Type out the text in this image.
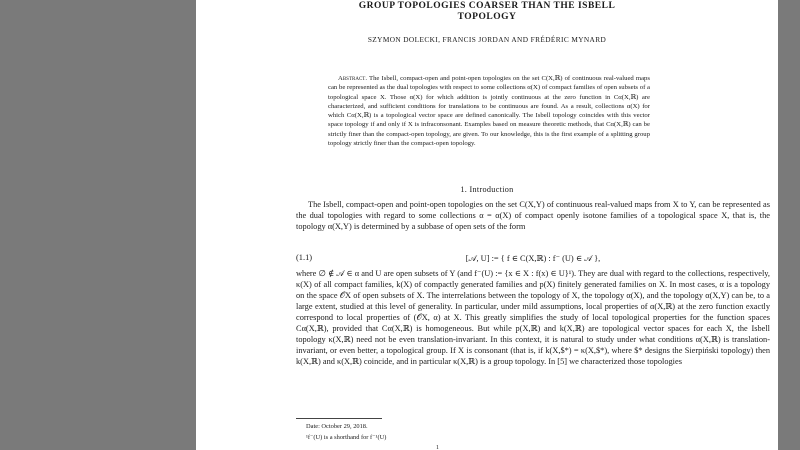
GROUP TOPOLOGIES COARSER THAN THE ISBELL
TOPOLOGY
SZYMON DOLECKI, FRANCIS JORDAN AND FRÉDÉRIC MYNARD
Abstract. The Isbell, compact-open and point-open topologies on the set C(X,ℝ) of continuous real-valued maps can be represented as the dual topologies with respect to some collections α(X) of compact families of open subsets of a topological space X. Those α(X) for which addition is jointly continuous at the zero function in Cα(X,ℝ) are characterized, and sufficient conditions for translations to be continuous are found. As a result, collections α(X) for which Cα(X,ℝ) is a topological vector space are defined canonically. The Isbell topology coincides with this vector space topology if and only if X is infraconsonant. Examples based on measure theoretic methods, that Cα(X,ℝ) can be strictly finer than the compact-open topology, are given. To our knowledge, this is the first example of a splitting group topology strictly finer than the compact-open topology.
1. Introduction
The Isbell, compact-open and point-open topologies on the set C(X,Y) of continuous real-valued maps from X to Y, can be represented as the dual topologies with regard to some collections α = α(X) of compact openly isotone families of a topological space X, that is, the topology α(X,Y) is determined by a subbase of open sets of the form
(1.1)	[𝒜, U] := { f ∈ C(X,ℝ) : f⁻ (U) ∈ 𝒜 },
where ∅ ∉ 𝒜 ∈ α and U are open subsets of Y (and f⁻(U) := {x ∈ X : f(x) ∈ U}¹). They are dual with regard to the collections, respectively, κ(X) of all compact families, k(X) of compactly generated families and p(X) finitely generated families on X. In most cases, α is a topology on the space 𝒪X of open subsets of X. The interrelations between the topology of X, the topology α(X), and the topology α(X,Y) can be, to a large extent, studied at this level of generality. In particular, under mild assumptions, local properties of α(X,ℝ) at the zero function exactly correspond to local properties of (𝒪X, α) at X. This greatly simplifies the study of local topological properties for the function spaces Cα(X,ℝ), provided that Cα(X,ℝ) is homogeneous. But while p(X,ℝ) and k(X,ℝ) are topological vector spaces for each X, the Isbell topology κ(X,ℝ) need not be even translation-invariant. In this context, it is natural to study under what conditions α(X,ℝ) is translation-invariant, or even better, a topological group. If X is consonant (that is, if k(X,$*) = κ(X,$*), where $* designs the Sierpiński topology) then k(X,ℝ) and κ(X,ℝ) coincide, and in particular κ(X,ℝ) is a group topology. In [5] we characterized those topologies
Date: October 29, 2018.
¹f⁻(U) is a shorthand for f⁻¹(U)
1
